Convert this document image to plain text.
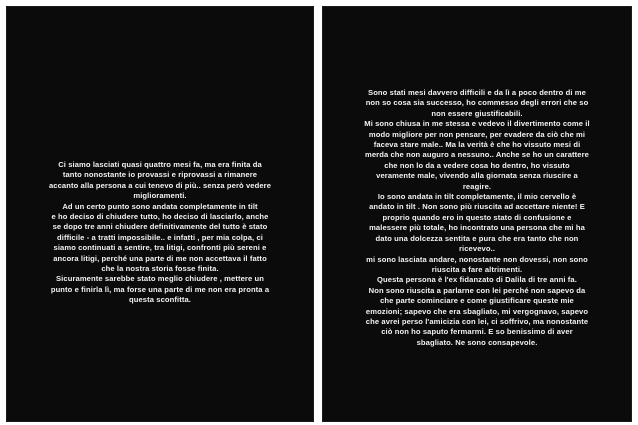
Ci siamo lasciati quasi quattro mesi fa, ma era finita da
tanto nonostante io provassi e riprovassi a rimanere
accanto alla persona a cui tenevo di più.. senza però vedere
miglioramenti.
Ad un certo punto sono andata completamente in tilt
e ho deciso di chiudere tutto, ho deciso di lasciarlo, anche
se dopo tre anni chiudere definitivamente del tutto è stato
difficile - a tratti impossibile.. e infatti , per mia colpa, ci
siamo continuati a sentire, tra litigi, confronti più sereni e
ancora litigi, perché una parte di me non accettava il fatto
che la nostra storia fosse finita.
Sicuramente sarebbe stato meglio chiudere , mettere un
punto e finirla lì, ma forse una parte di me non era pronta a
questa sconfitta.
Sono stati mesi davvero difficili e da lì a poco dentro di me
non so cosa sia successo, ho commesso degli errori che so
non essere giustificabili.
Mi sono chiusa in me stessa e vedevo il divertimento come il
modo migliore per non pensare, per evadere da ciò che mi
faceva stare male.. Ma la verità è che ho vissuto mesi di
merda che non auguro a nessuno.. Anche se ho un carattere
che non lo da a vedere cosa ho dentro, ho vissuto
veramente male, vivendo alla giornata senza riuscire a
reagire.
Io sono andata in tilt completamente, il mio cervello è
andato in tilt . Non sono più riuscita ad accettare niente! E
proprio quando ero in questo stato di confusione e
malessere più totale, ho incontrato una persona che mi ha
dato una dolcezza sentita e pura che era tanto che non
ricevevo..
mi sono lasciata andare, nonostante non dovessi, non sono
riuscita a fare altrimenti.
Questa persona è l'ex fidanzato di Dalila di tre anni fa.
Non sono riuscita a parlarne con lei perché non sapevo da
che parte cominciare e come giustificare queste mie
emozioni; sapevo che era sbagliato, mi vergognavo, sapevo
che avrei perso l'amicizia con lei, ci soffrivo, ma nonostante
ciò non ho saputo fermarmi. E so benissimo di aver
sbagliato. Ne sono consapevole.
